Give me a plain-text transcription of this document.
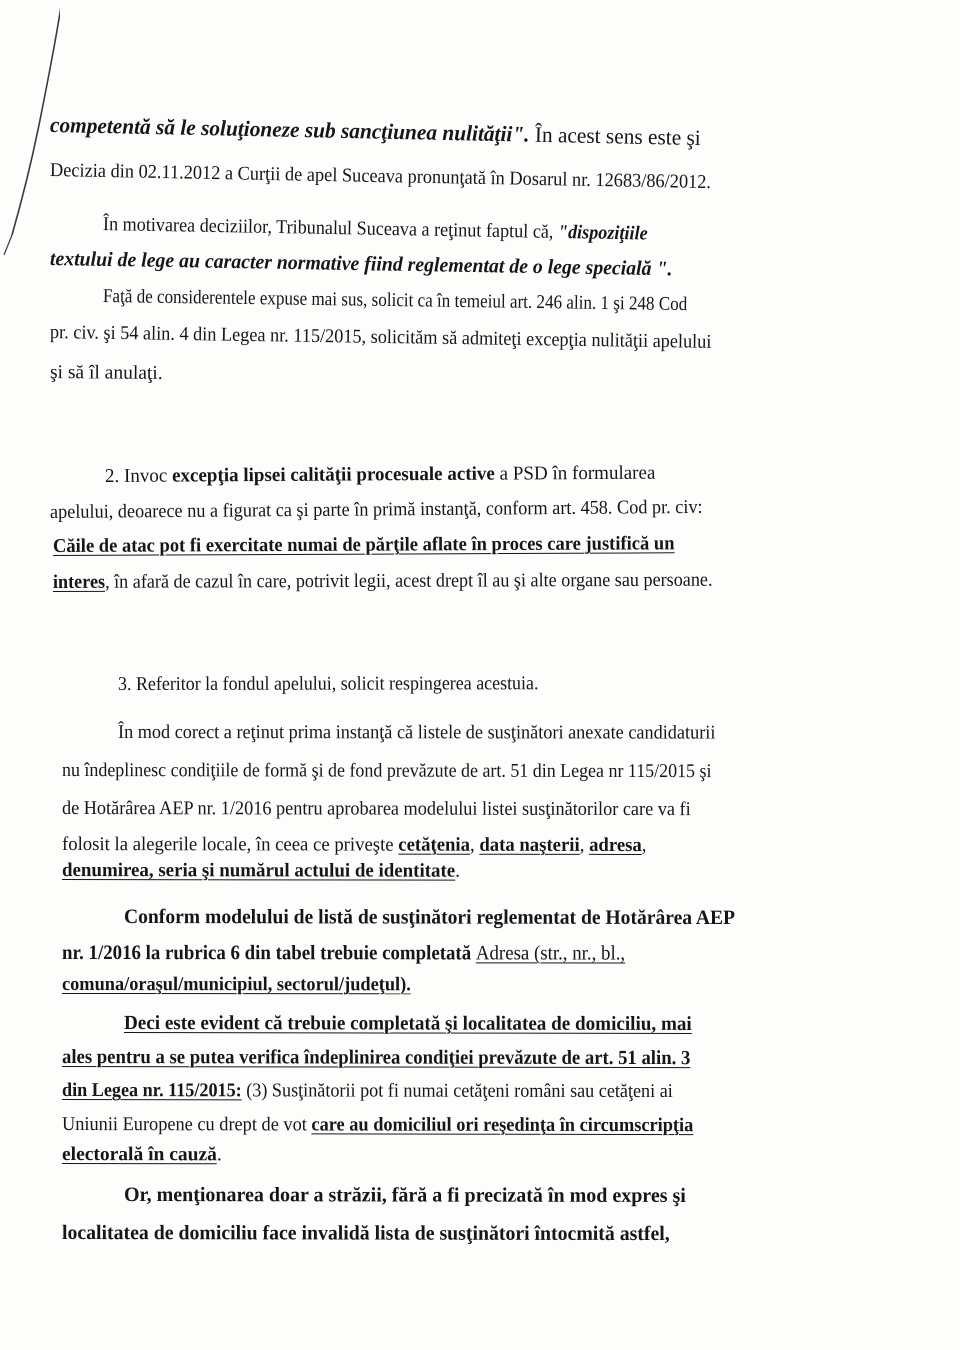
competentă să le soluţioneze sub sancţiunea nulităţii". În acest sens este şi
Decizia din 02.11.2012 a Curţii de apel Suceava pronunţată în Dosarul nr. 12683/86/2012.
În motivarea deciziilor, Tribunalul Suceava a reţinut faptul că, "dispoziţiile
textului de lege au caracter normative fiind reglementat de o lege specială ".
Faţă de considerentele expuse mai sus, solicit ca în temeiul art. 246 alin. 1 şi 248 Cod
pr. civ. şi 54 alin. 4 din Legea nr. 115/2015, solicităm să admiteţi excepţia nulităţii apelului
şi să îl anulaţi.
2. Invoc excepţia lipsei calităţii procesuale active a PSD în formularea
apelului, deoarece nu a figurat ca şi parte în primă instanţă, conform art. 458. Cod pr. civ:
Căile de atac pot fi exercitate numai de părţile aflate în proces care justifică un
interes, în afară de cazul în care, potrivit legii, acest drept îl au şi alte organe sau persoane.
3. Referitor la fondul apelului, solicit respingerea acestuia.
În mod corect a reţinut prima instanţă că listele de susţinători anexate candidaturii
nu îndeplinesc condiţiile de formă şi de fond prevăzute de art. 51 din Legea nr 115/2015 şi
de Hotărârea AEP nr. 1/2016 pentru aprobarea modelului listei susţinătorilor care va fi
folosit la alegerile locale, în ceea ce priveşte cetăţenia, data naşterii, adresa,
denumirea, seria şi numărul actului de identitate.
Conform modelului de listă de susţinători reglementat de Hotărârea AEP
nr. 1/2016 la rubrica 6 din tabel trebuie completată Adresa (str., nr., bl.,
comuna/oraşul/municipiul, sectorul/judeţul).
Deci este evident că trebuie completată şi localitatea de domiciliu, mai
ales pentru a se putea verifica îndeplinirea condiţiei prevăzute de art. 51 alin. 3
din Legea nr. 115/2015: (3) Susţinătorii pot fi numai cetăţeni români sau cetăţeni ai
Uniunii Europene cu drept de vot care au domiciliul ori reşedinţa în circumscripţia
electorală în cauză.
Or, menţionarea doar a străzii, fără a fi precizată în mod expres şi
localitatea de domiciliu face invalidă lista de susţinători întocmită astfel,
